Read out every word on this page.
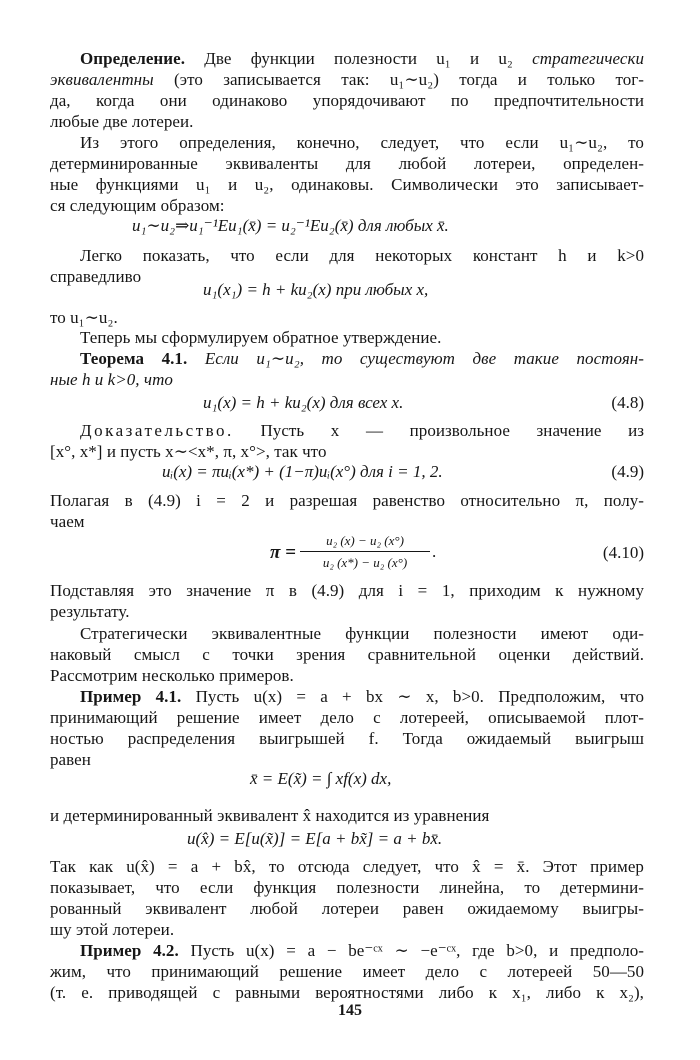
Определение. Две функции полезности u₁ и u₂ стратегически
эквивалентны (это записывается так: u₁∼u₂) тогда и только тог-
да, когда они одинаково упорядочивают по предпочтительности
любые две лотереи.
Из этого определения, конечно, следует, что если u₁∼u₂, то
детерминированные эквиваленты для любой лотереи, определен-
ные функциями u₁ и u₂, одинаковы. Символически это записывает-
ся следующим образом:
u₁∼u₂⇒u₁⁻¹Eu₁(x̄) = u₂⁻¹Eu₂(x̄) для любых x̄.
Легко показать, что если для некоторых констант h и k>0
справедливо
u₁(x₁) = h + ku₂(x) при любых x,
то u₁∼u₂.
Теперь мы сформулируем обратное утверждение.
Теорема 4.1. Если u₁∼u₂, то существуют две такие постоян-
ные h и k>0, что
u₁(x) = h + ku₂(x) для всех x.	(4.8)
Доказательство. Пусть x — произвольное значение из
[x°, x*] и пусть x∼<x*, π, x°>, так что
uᵢ(x) = πuᵢ(x*) + (1−π)uᵢ(x°) для i = 1, 2.	(4.9)
Полагая в (4.9) i = 2 и разрешая равенство относительно π, полу-
чаем
$\pi = \frac{\text{u₂ (x) − u₂ (x°)}}{\text{u₂ (x*) − u₂ (x°)}}$ .	(4.10)
Подставляя это значение π в (4.9) для i = 1, приходим к нужному
результату.
Стратегически эквивалентные функции полезности имеют оди-
наковый смысл с точки зрения сравнительной оценки действий.
Рассмотрим несколько примеров.
Пример 4.1. Пусть u(x) = a + bx ∼ x, b>0. Предположим, что
принимающий решение имеет дело с лотереей, описываемой плот-
ностью распределения выигрышей f. Тогда ожидаемый выигрыш
равен
x̄ = E(x̃) = ∫ xf(x) dx,
и детерминированный эквивалент x̂ находится из уравнения
u(x̂) = E[u(x̃)] = E[a + bx̃] = a + bx̄.
Так как u(x̂) = a + bx̂, то отсюда следует, что x̂ = x̄. Этот пример
показывает, что если функция полезности линейна, то детермини-
рованный эквивалент любой лотереи равен ожидаемому выигры-
шу этой лотереи.
Пример 4.2. Пусть u(x) = a − be⁻ᶜˣ ∼ −e⁻ᶜˣ, где b>0, и предполо-
жим, что принимающий решение имеет дело с лотереей 50—50
(т. е. приводящей с равными вероятностями либо к x₁, либо к x₂),
145
